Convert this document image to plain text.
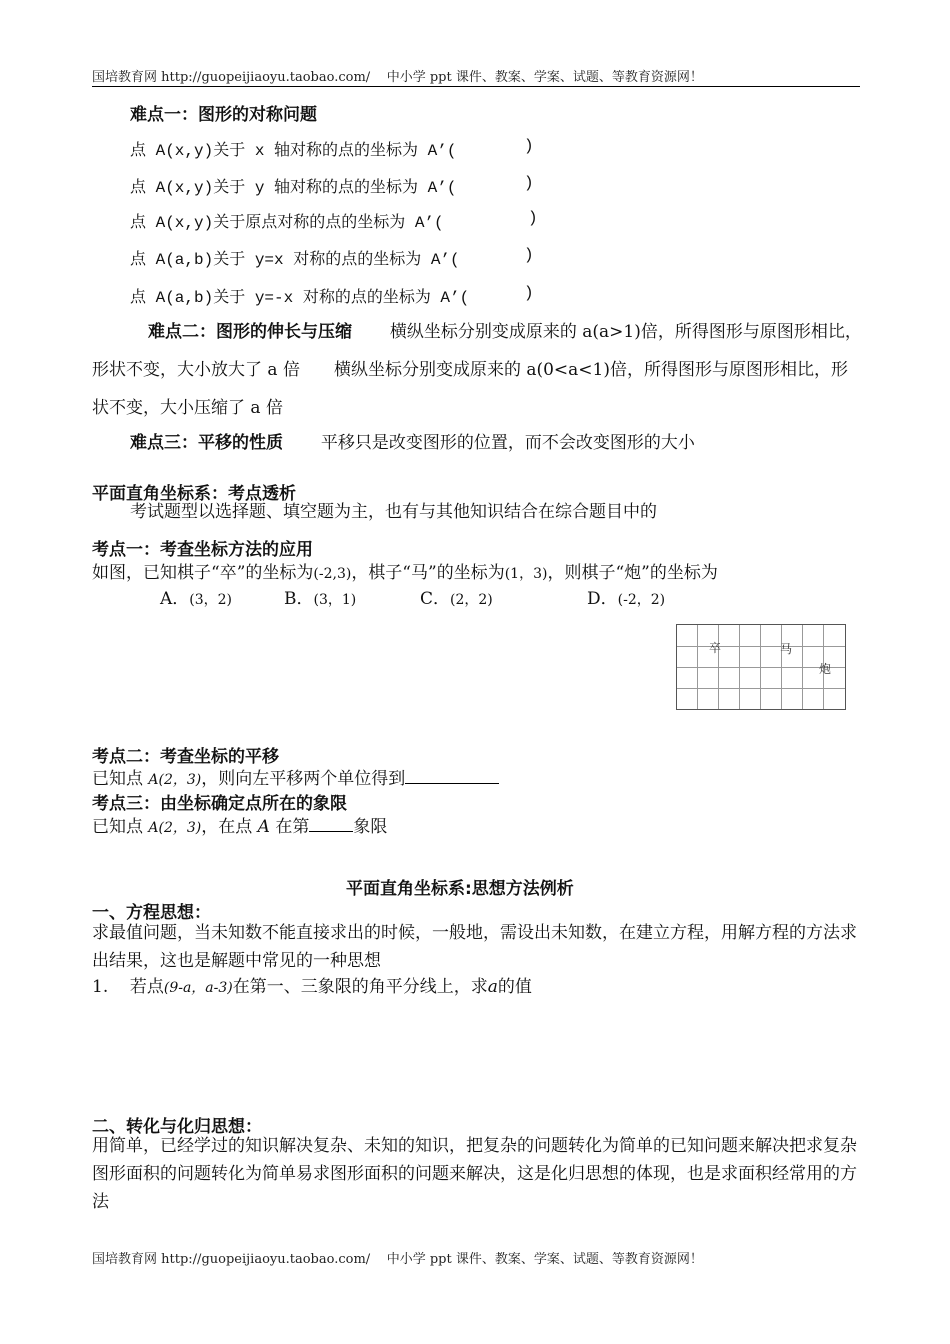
国培教育网 http://guopeijiaoyu.taobao.com/ 中小学 ppt 课件、教案、学案、试题、等教育资源网！
难点一：图形的对称问题
点 A(x,y)关于 x 轴对称的点的坐标为 A’(	)
点 A(x,y)关于 y 轴对称的点的坐标为 A’(	)
点 A(x,y)关于原点对称的点的坐标为 A’(	)
点 A(a,b)关于 y=x 对称的点的坐标为 A’(	)
点 A(a,b)关于 y=-x 对称的点的坐标为 A’(	)
难点二：图形的伸长与压缩 横纵坐标分别变成原来的 a(a>1)倍，所得图形与原图形相比，形状不变，大小放大了 a 倍　　横纵坐标分别变成原来的 a(0<a<1)倍，所得图形与原图形相比，形状不变，大小压缩了 a 倍
难点三：平移的性质 平移只是改变图形的位置，而不会改变图形的大小
平面直角坐标系：考点透析
考试题型以选择题、填空题为主，也有与其他知识结合在综合题目中的
考点一：考查坐标方法的应用
如图，已知棋子“卒”的坐标为(-2,3)，棋子“马”的坐标为(1，3)，则棋子“炮”的坐标为
A．(3，2)	B．(3，1)	C．(2，2)	D．(-2，2)
卒	马
炮
考点二：考查坐标的平移
已知点 A(2，3)，则向左平移两个单位得到
考点三：由坐标确定点所在的象限
已知点 A(2，3)，在点 A 在第	象限
平面直角坐标系:思想方法例析
一、方程思想：
求最值问题，当未知数不能直接求出的时候，一般地，需设出未知数，在建立方程，用解方程的方法求出结果，这也是解题中常见的一种思想
1. 若点(9-a，a-3)在第一、三象限的角平分线上，求a的值
二、转化与化归思想：
用简单，已经学过的知识解决复杂、未知的知识，把复杂的问题转化为简单的已知问题来解决把求复杂图形面积的问题转化为简单易求图形面积的问题来解决，这是化归思想的体现，也是求面积经常用的方法
国培教育网 http://guopeijiaoyu.taobao.com/ 中小学 ppt 课件、教案、学案、试题、等教育资源网！
